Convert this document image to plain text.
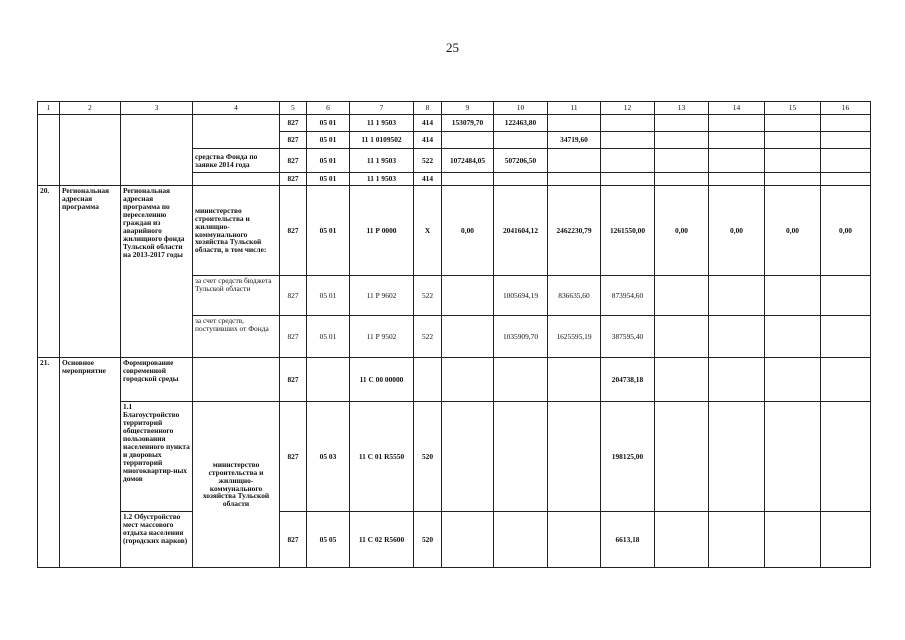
25
1	2	3	4	5	6	7	8	9	10	11	12	13	14	15	16
				827	05 01	11 1 9503	414	153079,70	122463,80						
				827	05 01	11 1 0109502	414			34719,60					
			средства Фонда по заявке 2014 года	827	05 01	11 1 9503	522	1072484,05	507206,50						
				827	05 01	11 1 9503	414								
20.	Региональная адресная программа	Региональная адресная программа по переселению граждан из аварийного жилищного фонда Тульской области на 2013-2017 годы	министерство строительства и жилищно-коммунального хозяйства Тульской области, в том числе:	827	05 01	11 Р 0000	Х	0,00	2041604,12	2462230,79	1261550,00	0,00	0,00	0,00	0,00
			за счет средств бюджета Тульской области	827	05 01	11 Р 9602	522		1005694,19	836635,60	873954,60				
			за счет средств, поступивших от Фонда	827	05 01	11 Р 9502	522		1035909,70	1625595,19	387595,40				
21.	Основное мероприятие	Формирование современной городской среды		827		11 С 00 00000					204738,18				
		1.1 Благоустройство территорий общественного пользования населенного пункта и дворовых территорий многоквартир-ных домов	министерство строительства и жилищно-коммунального хозяйства Тульской области	827	05 03	11 С 01 R5550	520				198125,00				
		1.2 Обустройство мест массового отдыха населения (городских парков)		827	05 05	11 С 02 R5600	520				6613,18				
